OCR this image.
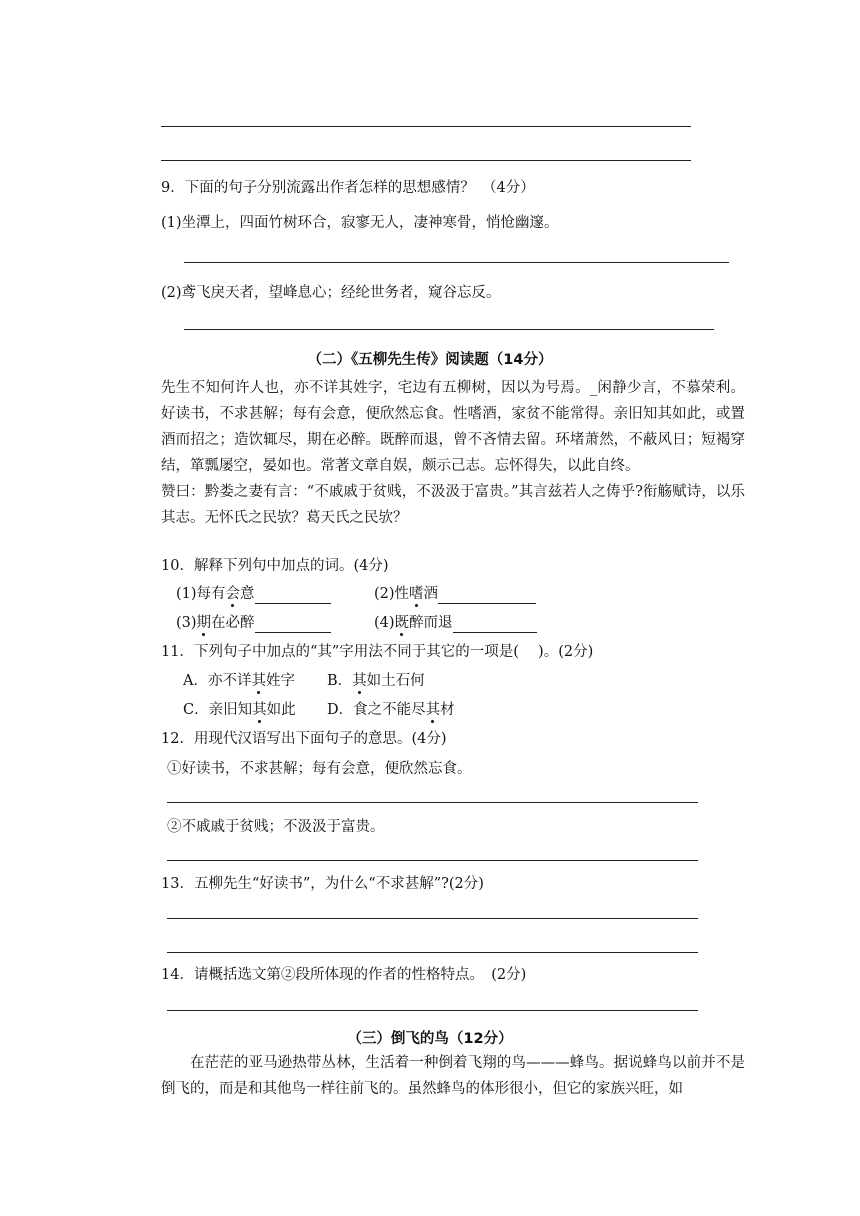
9．下面的句子分别流露出作者怎样的思想感情？　（4分）
(1)坐潭上，四面竹树环合，寂寥无人，凄神寒骨，悄怆幽邃。
(2)鸢飞戾天者，望峰息心；经纶世务者，窥谷忘反。
（二）《五柳先生传》阅读题（14分）
先生不知何许人也，亦不详其姓字，宅边有五柳树，因以为号焉。_闲静少言，不慕荣利。好读书，不求甚解；每有会意，便欣然忘食。性嗜酒，家贫不能常得。亲旧知其如此，或置酒而招之；造饮辄尽，期在必醉。既醉而退，曾不吝情去留。环堵萧然，不蔽风日；短褐穿结，箪瓢屡空，晏如也。常著文章自娱，颇示己志。忘怀得失，以此自终。
赞曰：黔娄之妻有言：“不戚戚于贫贱，不汲汲于富贵。”其言兹若人之俦乎?衔觞赋诗，以乐其志。无怀氏之民欤？葛天氏之民欤？
10．解释下列句中加点的词。(4分)
(1)每有会意	(2)性嗜酒
(3)期在必醉	(4)既醉而退
11．下列句子中加点的“其”字用法不同于其它的一项是(　 )。(2分)
A．亦不详其姓字 B．其如土石何
C．亲旧知其如此 D．食之不能尽其材
12．用现代汉语写出下面句子的意思。(4分)
①好读书，不求甚解；每有会意，便欣然忘食。
②不戚戚于贫贱；不汲汲于富贵。
13．五柳先生“好读书”，为什么“不求甚解”?(2分)
14．请概括选文第②段所体现的作者的性格特点。　(2分)
（三）倒飞的鸟（12分）
在茫茫的亚马逊热带丛林，生活着一种倒着飞翔的鸟———蜂鸟。据说蜂鸟以前并不是倒飞的，而是和其他鸟一样往前飞的。虽然蜂鸟的体形很小，但它的家族兴旺，如
